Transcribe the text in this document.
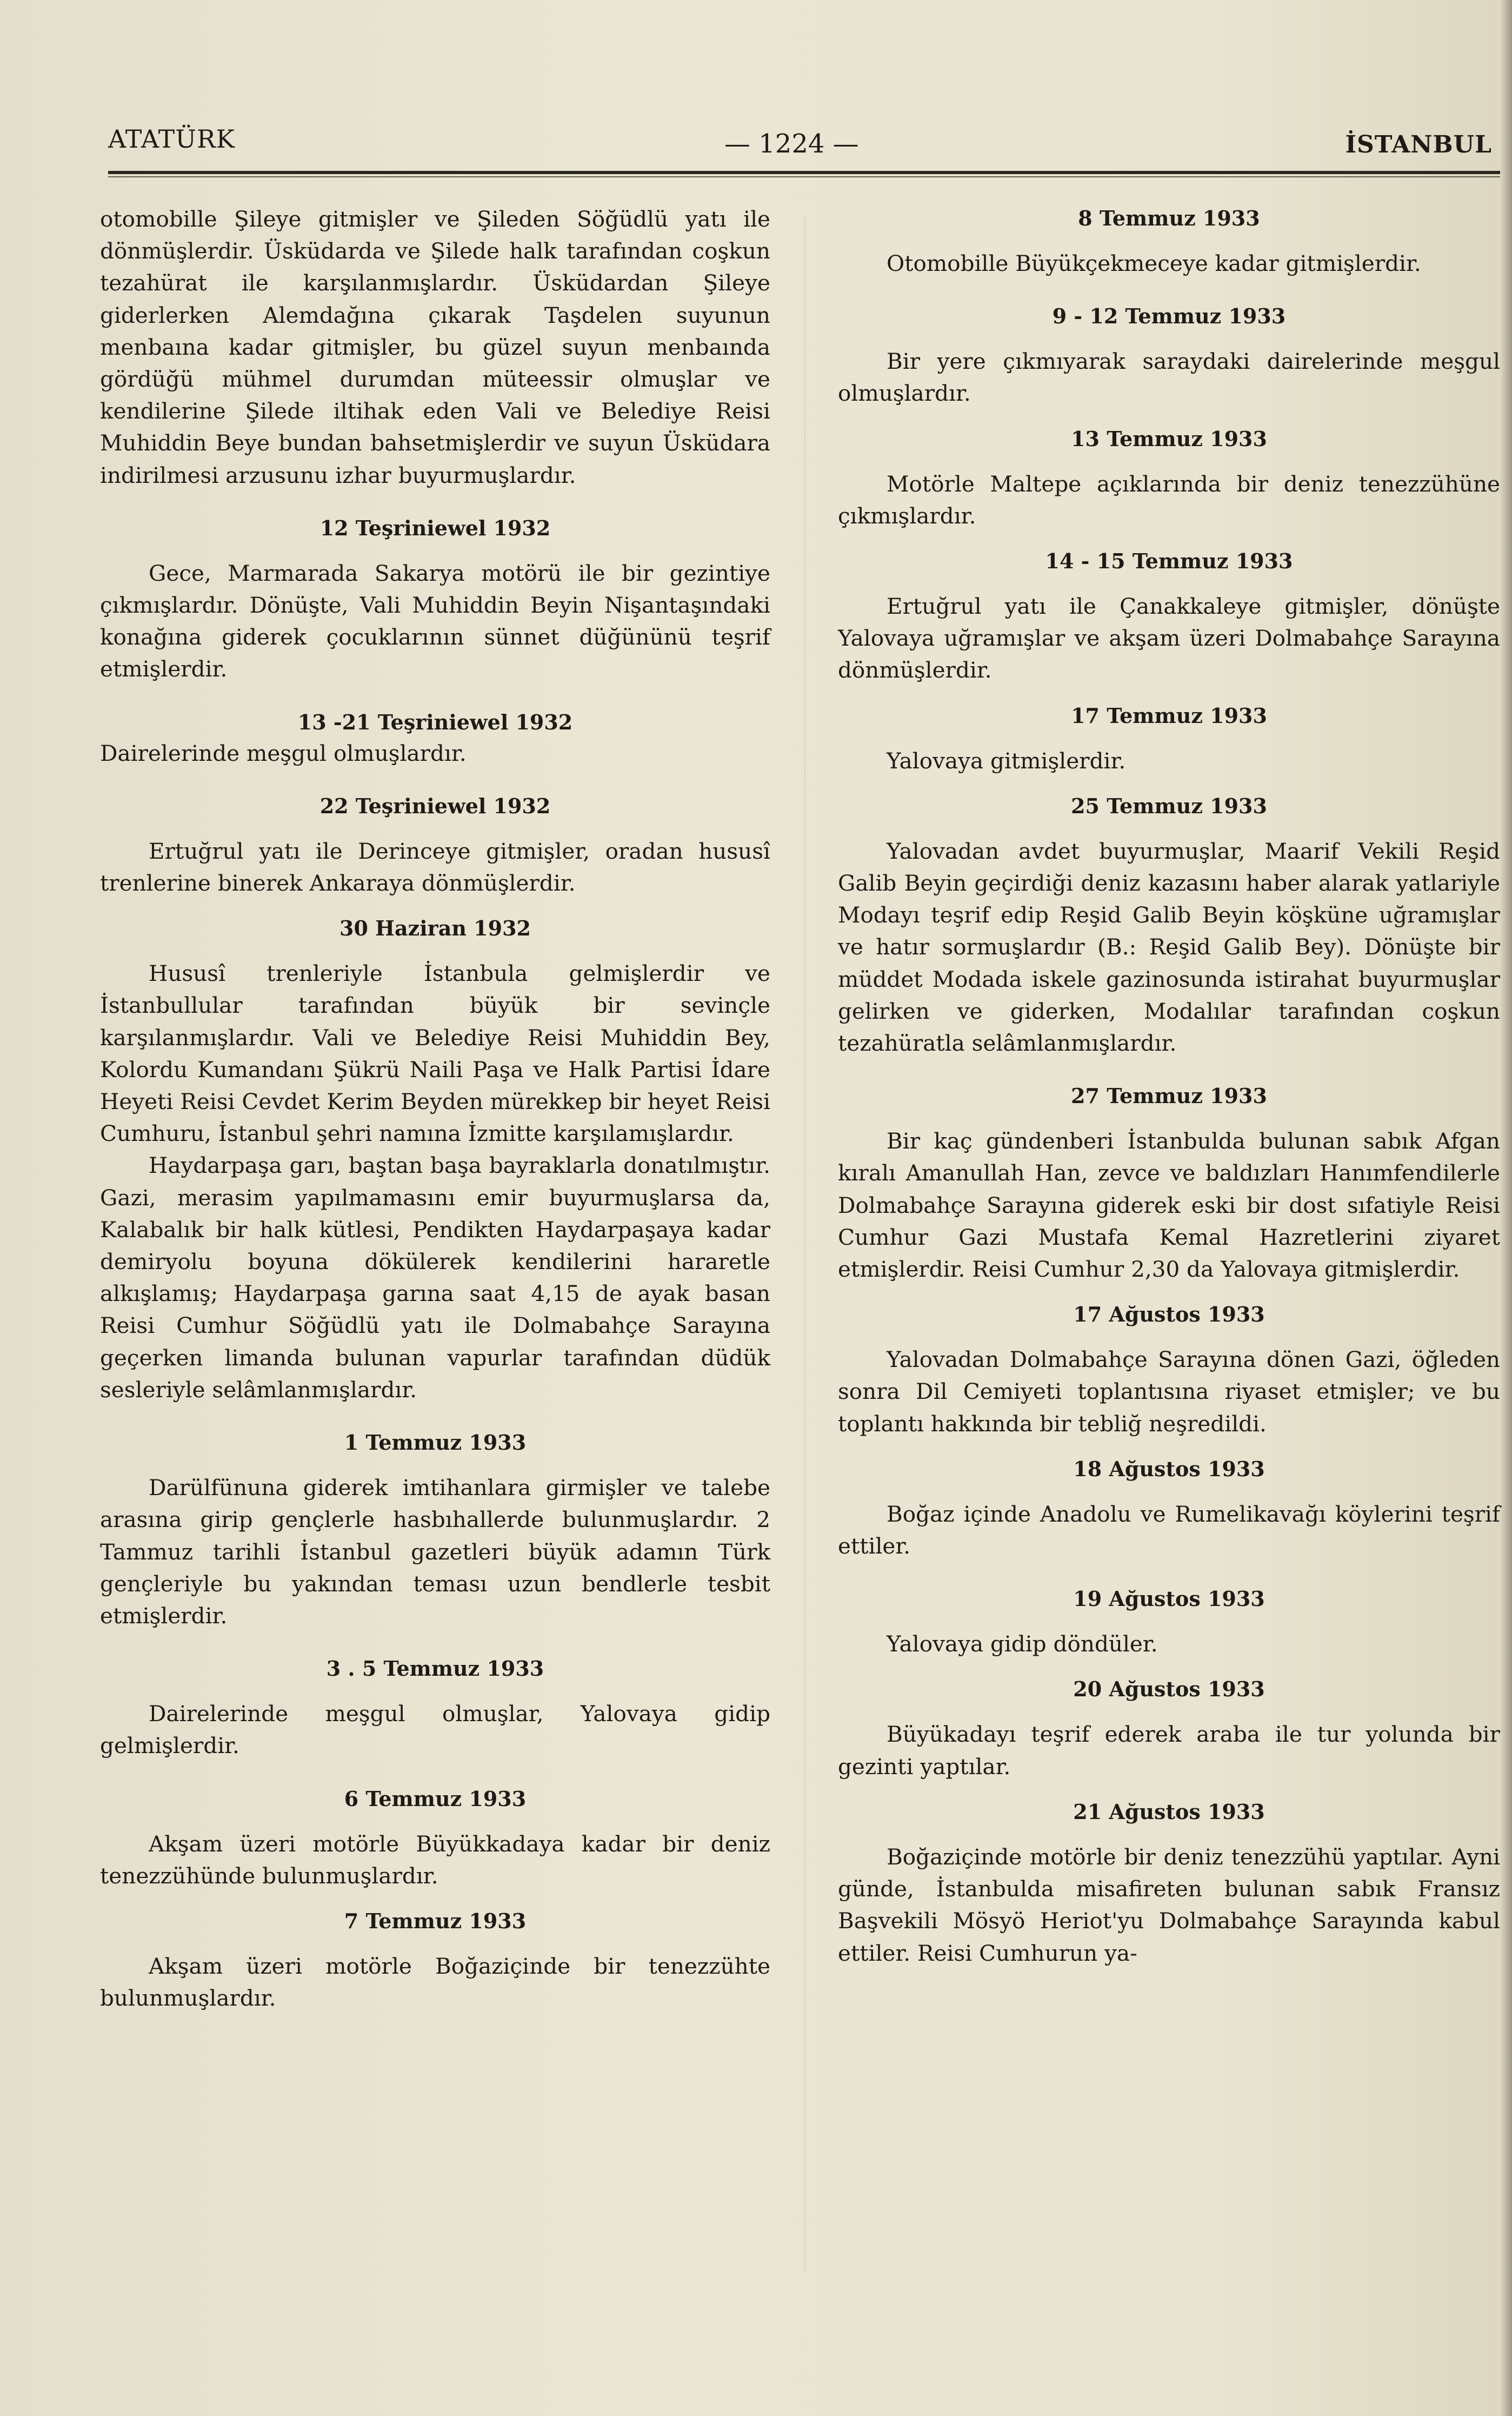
ATATÜRK	— 1224 —	İSTANBUL

otomobille Şileye gitmişler ve Şileden Söğüdlü yatı ile dönmüşlerdir. Üsküdarda ve Şilede halk tarafından coşkun tezahürat ile karşılanmışlardır. Üsküdardan Şileye giderlerken Alemdağına çıkarak Taşdelen suyunun menbaına kadar gitmişler, bu güzel suyun menbaında gördüğü mühmel durumdan müteessir olmuşlar ve kendilerine Şilede iltihak eden Vali ve Belediye Reisi Muhiddin Beye bundan bahsetmişlerdir ve suyun Üsküdara indirilmesi arzusunu izhar buyurmuşlardır.

12 Teşriniewel 1932

Gece, Marmarada Sakarya motörü ile bir gezintiye çıkmışlardır. Dönüşte, Vali Muhiddin Beyin Nişantaşındaki konağına giderek çocuklarının sünnet düğününü teşrif etmişlerdir.

13 -21 Teşriniewel 1932

Dairelerinde meşgul olmuşlardır.

22 Teşriniewel 1932

Ertuğrul yatı ile Derinceye gitmişler, oradan hususî trenlerine binerek Ankaraya dönmüşlerdir.

30 Haziran 1932

Hususî trenleriyle İstanbula gelmişlerdir ve İstanbullular tarafından büyük bir sevinçle karşılanmışlardır. Vali ve Belediye Reisi Muhiddin Bey, Kolordu Kumandanı Şükrü Naili Paşa ve Halk Partisi İdare Heyeti Reisi Cevdet Kerim Beyden mürekkep bir heyet Reisi Cumhuru, İstanbul şehri namına İzmitte karşılamışlardır.

Haydarpaşa garı, baştan başa bayraklarla donatılmıştır. Gazi, merasim yapılmamasını emir buyurmuşlarsa da, Kalabalık bir halk kütlesi, Pendikten Haydarpaşaya kadar demiryolu boyuna dökülerek kendilerini hararetle alkışlamış; Haydarpaşa garına saat 4,15 de ayak basan Reisi Cumhur Söğüdlü yatı ile Dolmabahçe Sarayına geçerken limanda bulunan vapurlar tarafından düdük sesleriyle selâmlanmışlardır.

1 Temmuz 1933

Darülfünuna giderek imtihanlara girmişler ve talebe arasına girip gençlerle hasbıhallerde bulunmuşlardır. 2 Tammuz tarihli İstanbul gazetleri büyük adamın Türk gençleriyle bu yakından teması uzun bendlerle tesbit etmişlerdir.

3 . 5 Temmuz 1933

Dairelerinde meşgul olmuşlar, Yalovaya gidip gelmişlerdir.

6 Temmuz 1933

Akşam üzeri motörle Büyükkadaya kadar bir deniz tenezzühünde bulunmuşlardır.

7 Temmuz 1933

Akşam üzeri motörle Boğaziçinde bir tenezzühte bulunmuşlardır.

8 Temmuz 1933

Otomobille Büyükçekmeceye kadar gitmişlerdir.

9 - 12 Temmuz 1933

Bir yere çıkmıyarak saraydaki dairelerinde meşgul olmuşlardır.

13 Temmuz 1933

Motörle Maltepe açıklarında bir deniz tenezzühüne çıkmışlardır.

14 - 15 Temmuz 1933

Ertuğrul yatı ile Çanakkaleye gitmişler, dönüşte Yalovaya uğramışlar ve akşam üzeri Dolmabahçe Sarayına dönmüşlerdir.

17 Temmuz 1933

Yalovaya gitmişlerdir.

25 Temmuz 1933

Yalovadan avdet buyurmuşlar, Maarif Vekili Reşid Galib Beyin geçirdiği deniz kazasını haber alarak yatlariyle Modayı teşrif edip Reşid Galib Beyin köşküne uğramışlar ve hatır sormuşlardır (B.: Reşid Galib Bey). Dönüşte bir müddet Modada iskele gazinosunda istirahat buyurmuşlar gelirken ve giderken, Modalılar tarafından coşkun tezahüratla selâmlanmışlardır.

27 Temmuz 1933

Bir kaç gündenberi İstanbulda bulunan sabık Afgan kıralı Amanullah Han, zevce ve baldızları Hanımfendilerle Dolmabahçe Sarayına giderek eski bir dost sıfatiyle Reisi Cumhur Gazi Mustafa Kemal Hazretlerini ziyaret etmişlerdir. Reisi Cumhur 2,30 da Yalovaya gitmişlerdir.

17 Ağustos 1933

Yalovadan Dolmabahçe Sarayına dönen Gazi, öğleden sonra Dil Cemiyeti toplantısına riyaset etmişler; ve bu toplantı hakkında bir tebliğ neşredildi.

18 Ağustos 1933

Boğaz içinde Anadolu ve Rumelikavağı köylerini teşrif ettiler.

19 Ağustos 1933

Yalovaya gidip döndüler.

20 Ağustos 1933

Büyükadayı teşrif ederek araba ile tur yolunda bir gezinti yaptılar.

21 Ağustos 1933

Boğaziçinde motörle bir deniz tenezzühü yaptılar. Ayni günde, İstanbulda misafireten bulunan sabık Fransız Başvekili Mösyö Heriot'yu Dolmabahçe Sarayında kabul ettiler. Reisi Cumhurun ya-
